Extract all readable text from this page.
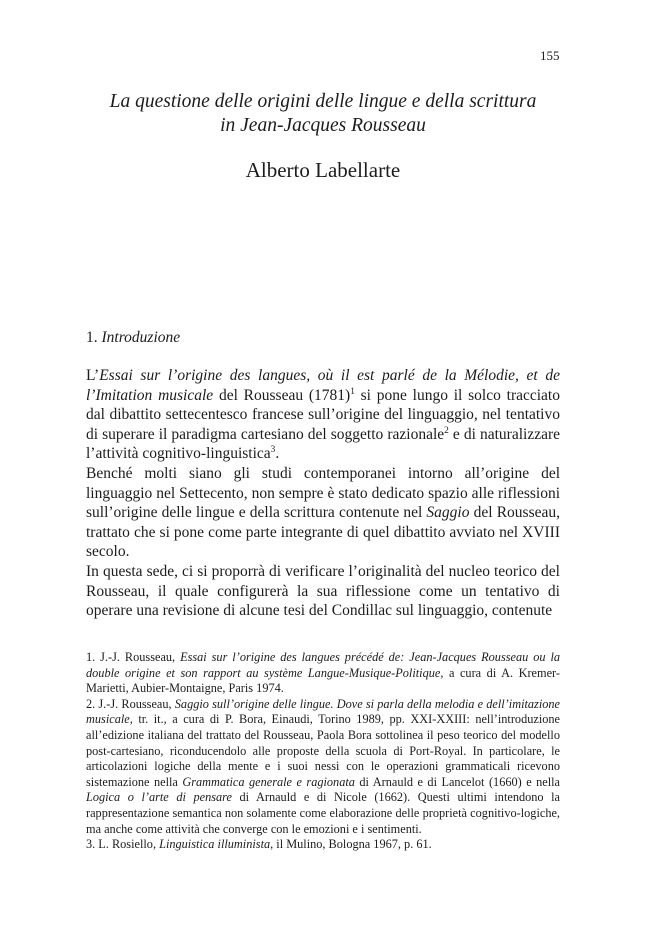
155
La questione delle origini delle lingue e della scrittura
in Jean-Jacques Rousseau
Alberto Labellarte
1. Introduzione

L’Essai sur l’origine des langues, où il est parlé de la Mélodie, et de l’Imitation musicale del Rousseau $(1781)^1$ si pone lungo il solco tracciato dal dibattito settecentesco francese sull’origine del linguaggio, nel tentativo di superare il paradigma cartesiano del soggetto razionale$^2$ e di naturalizzare l’attività cognitivo-linguistica$^3$.

Benché molti siano gli studi contemporanei intorno all’origine del linguaggio nel Settecento, non sempre è stato dedicato spazio alle riflessioni sull’origine delle lingue e della scrittura contenute nel Saggio del Rousseau, trattato che si pone come parte integrante di quel dibattito avviato nel XVIII secolo.

In questa sede, ci si proporrà di verificare l’originalità del nucleo teorico del Rousseau, il quale configurerà la sua riflessione come un tentativo di operare una revisione di alcune tesi del Condillac sul linguaggio, contenute

1. J.-J. Rousseau, Essai sur l’origine des langues précédé de: Jean-Jacques Rousseau ou la double origine et son rapport au système Langue-Musique-Politique, a cura di A. Kremer-Marietti, Aubier-Montaigne, Paris 1974.

2. J.-J. Rousseau, Saggio sull’origine delle lingue. Dove si parla della melodia e dell’imitazione musicale, tr. it., a cura di P. Bora, Einaudi, Torino 1989, pp. XXI-XXIII: nell’introduzione all’edizione italiana del trattato del Rousseau, Paola Bora sottolinea il peso teorico del modello post-cartesiano, riconducendolo alle proposte della scuola di Port-Royal. In particolare, le articolazioni logiche della mente e i suoi nessi con le operazioni grammaticali ricevono sistemazione nella Grammatica generale e ragionata di Arnauld e di Lancelot (1660) e nella Logica o l’arte di pensare di Arnauld e di Nicole (1662). Questi ultimi intendono la rappresentazione semantica non solamente come elaborazione delle proprietà cognitivo-logiche, ma anche come attività che converge con le emozioni e i sentimenti.

3. L. Rosiello, Linguistica illuminista, il Mulino, Bologna 1967, p. 61.
